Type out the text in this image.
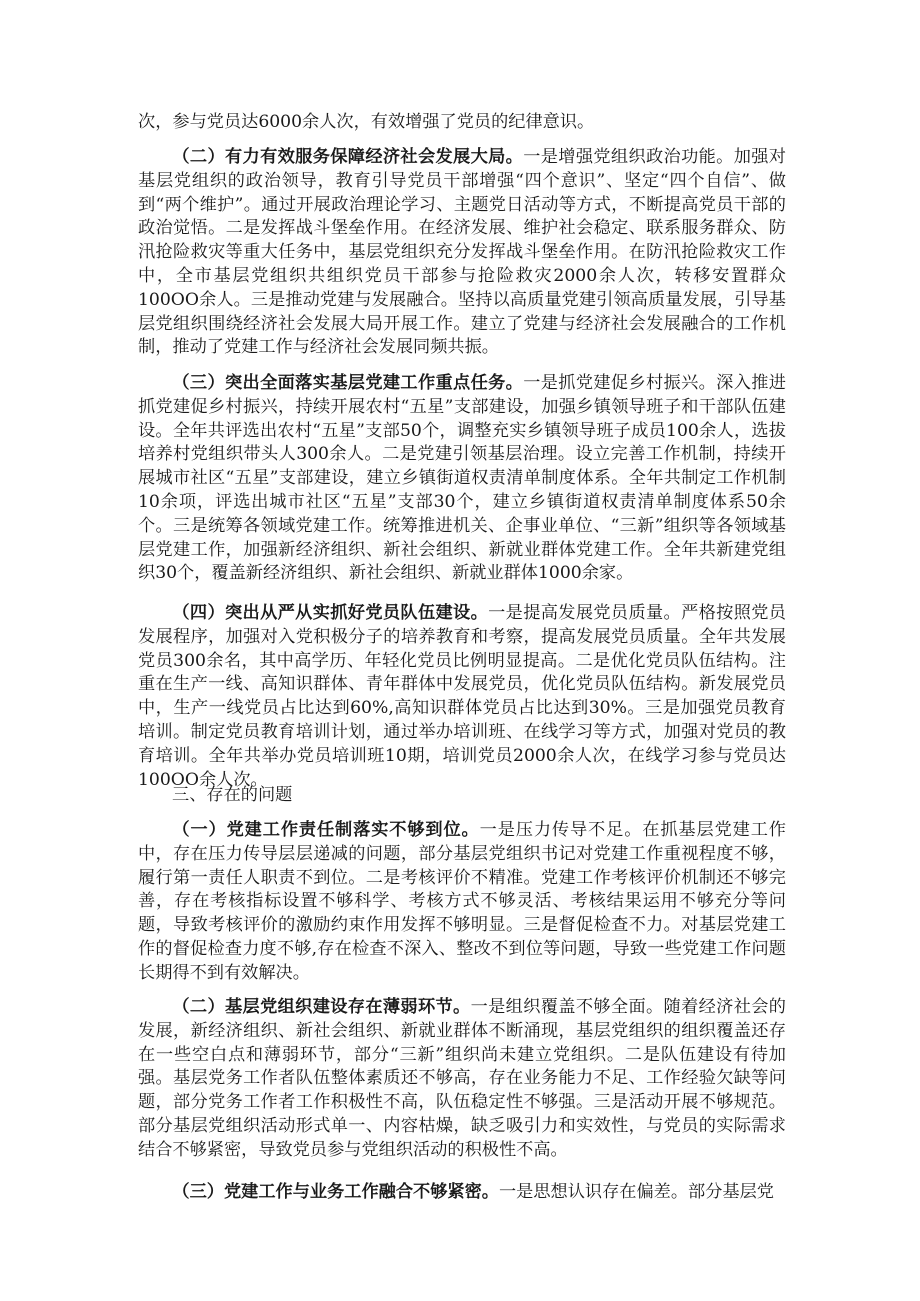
次，参与党员达6000余人次，有效增强了党员的纪律意识。

（二）有力有效服务保障经济社会发展大局。一是增强党组织政治功能。加强对基层党组织的政治领导，教育引导党员干部增强“四个意识”、坚定“四个自信”、做到“两个维护”。通过开展政治理论学习、主题党日活动等方式，不断提高党员干部的政治觉悟。二是发挥战斗堡垒作用。在经济发展、维护社会稳定、联系服务群众、防汛抢险救灾等重大任务中，基层党组织充分发挥战斗堡垒作用。在防汛抢险救灾工作中，全市基层党组织共组织党员干部参与抢险救灾2000余人次，转移安置群众100OO余人。三是推动党建与发展融合。坚持以高质量党建引领高质量发展，引导基层党组织围绕经济社会发展大局开展工作。建立了党建与经济社会发展融合的工作机制，推动了党建工作与经济社会发展同频共振。

（三）突出全面落实基层党建工作重点任务。一是抓党建促乡村振兴。深入推进抓党建促乡村振兴，持续开展农村“五星”支部建设，加强乡镇领导班子和干部队伍建设。全年共评选出农村“五星”支部50个，调整充实乡镇领导班子成员100余人，选拔培养村党组织带头人300余人。二是党建引领基层治理。设立完善工作机制，持续开展城市社区“五星”支部建设，建立乡镇街道权责清单制度体系。全年共制定工作机制10余项，评选出城市社区“五星”支部30个，建立乡镇街道权责清单制度体系50余个。三是统筹各领域党建工作。统筹推进机关、企事业单位、“三新”组织等各领域基层党建工作，加强新经济组织、新社会组织、新就业群体党建工作。全年共新建党组织30个，覆盖新经济组织、新社会组织、新就业群体1000余家。

（四）突出从严从实抓好党员队伍建设。一是提高发展党员质量。严格按照党员发展程序，加强对入党积极分子的培养教育和考察，提高发展党员质量。全年共发展党员300余名，其中高学历、年轻化党员比例明显提高。二是优化党员队伍结构。注重在生产一线、高知识群体、青年群体中发展党员，优化党员队伍结构。新发展党员中，生产一线党员占比达到60%,高知识群体党员占比达到30%。三是加强党员教育培训。制定党员教育培训计划，通过举办培训班、在线学习等方式，加强对党员的教育培训。全年共举办党员培训班10期，培训党员2000余人次，在线学习参与党员达100OO余人次。

三、存在的问题

（一）党建工作责任制落实不够到位。一是压力传导不足。在抓基层党建工作中，存在压力传导层层递减的问题，部分基层党组织书记对党建工作重视程度不够，履行第一责任人职责不到位。二是考核评价不精准。党建工作考核评价机制还不够完善，存在考核指标设置不够科学、考核方式不够灵活、考核结果运用不够充分等问题，导致考核评价的激励约束作用发挥不够明显。三是督促检查不力。对基层党建工作的督促检查力度不够,存在检查不深入、整改不到位等问题，导致一些党建工作问题长期得不到有效解决。

（二）基层党组织建设存在薄弱环节。一是组织覆盖不够全面。随着经济社会的发展，新经济组织、新社会组织、新就业群体不断涌现，基层党组织的组织覆盖还存在一些空白点和薄弱环节，部分“三新”组织尚未建立党组织。二是队伍建设有待加强。基层党务工作者队伍整体素质还不够高，存在业务能力不足、工作经验欠缺等问题，部分党务工作者工作积极性不高，队伍稳定性不够强。三是活动开展不够规范。部分基层党组织活动形式单一、内容枯燥，缺乏吸引力和实效性，与党员的实际需求结合不够紧密，导致党员参与党组织活动的积极性不高。

（三）党建工作与业务工作融合不够紧密。一是思想认识存在偏差。部分基层党
